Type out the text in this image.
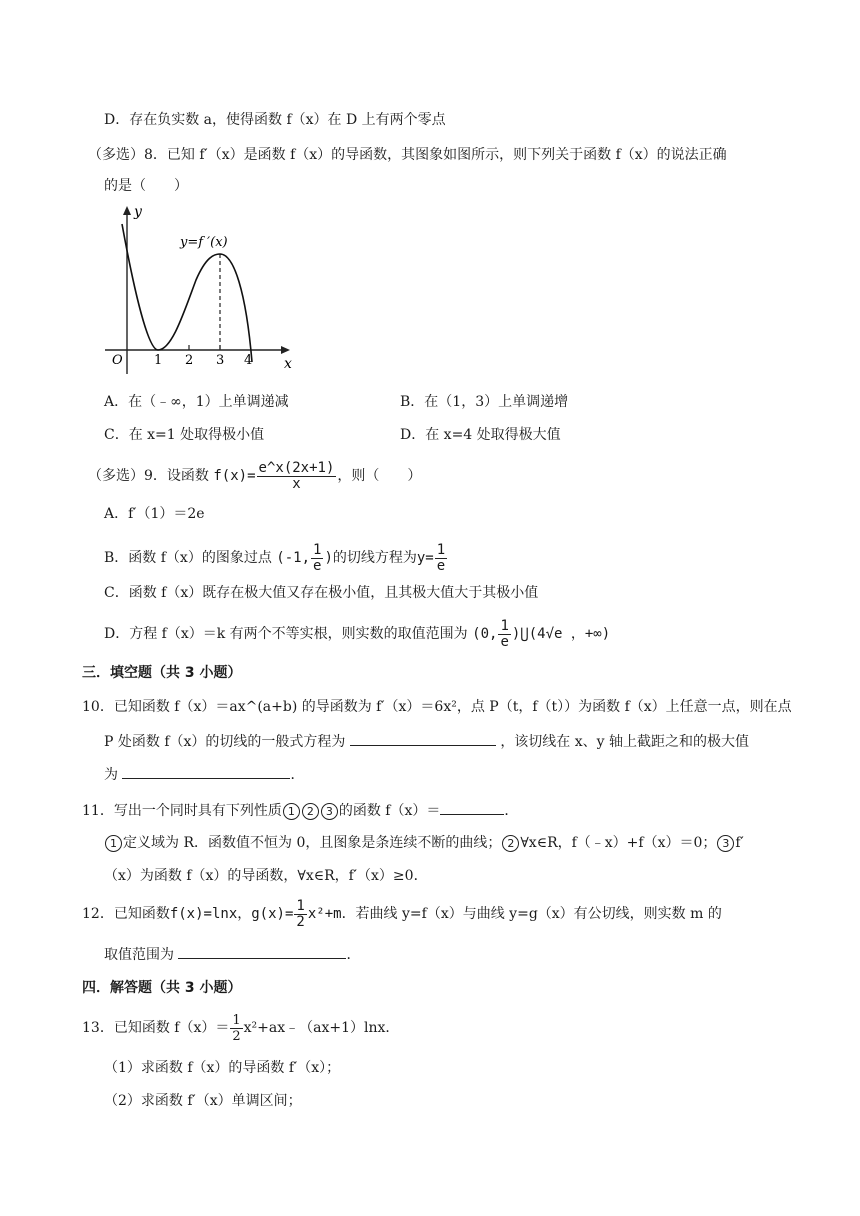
D．存在负实数 a，使得函数 f（x）在 D 上有两个零点
（多选）8．已知 f′（x）是函数 f（x）的导函数，其图象如图所示，则下列关于函数 f（x）的说法正确
的是（　　）
y
x
O 1 2 3 4
y=f ′(x)
A．在（﹣∞，1）上单调递减	B．在（1，3）上单调递增
C．在 x=1 处取得极小值	D．在 x=4 处取得极大值
（多选）9．设函数 $f(x)= \frac{e\^{}x(2x+1)}{x}$ ，则（　　）
A．f′（1）＝2e
B．函数 f（x）的图象过点 (-1, $\frac{1}{e}$ )的切线方程为$y= \frac{1}{e}$
C．函数 f（x）既存在极大值又存在极小值，且其极大值大于其极小值
D．方程 f（x）＝k 有两个不等实根，则实数的取值范围为 (0, $\frac{1}{e}$ )⋃(4√e ，+∞)
三．填空题（共 3 小题）
10．已知函数 f（x）＝ax^(a+b) 的导函数为 f′（x）＝6x²，点 P（t，f（t））为函数 f（x）上任意一点，则在点
P 处函数 f（x）的切线的一般式方程为	，该切线在 x、y 轴上截距之和的极大值
为	．
11．写出一个同时具有下列性质 1 2 3 的函数 f（x）＝	．
1 定义域为 R．函数值不恒为 0，且图象是条连续不断的曲线； 2 ∀x∈R，f（﹣x）+f（x）＝0； 3 f′
（x）为函数 f（x）的导函数，∀x∈R，f′（x）≥0．
12．已知函数f(x)=lnx，$g(x)= \frac{1}{2} x^2+m$．若曲线 y=f（x）与曲线 y=g（x）有公切线，则实数 m 的
取值范围为	．
四．解答题（共 3 小题）
13．已知函数 $f(x)= \frac{1}{2}$ x²+ax﹣（ax+1）lnx．
（1）求函数 f（x）的导函数 f′（x）；
（2）求函数 f′（x）单调区间；
